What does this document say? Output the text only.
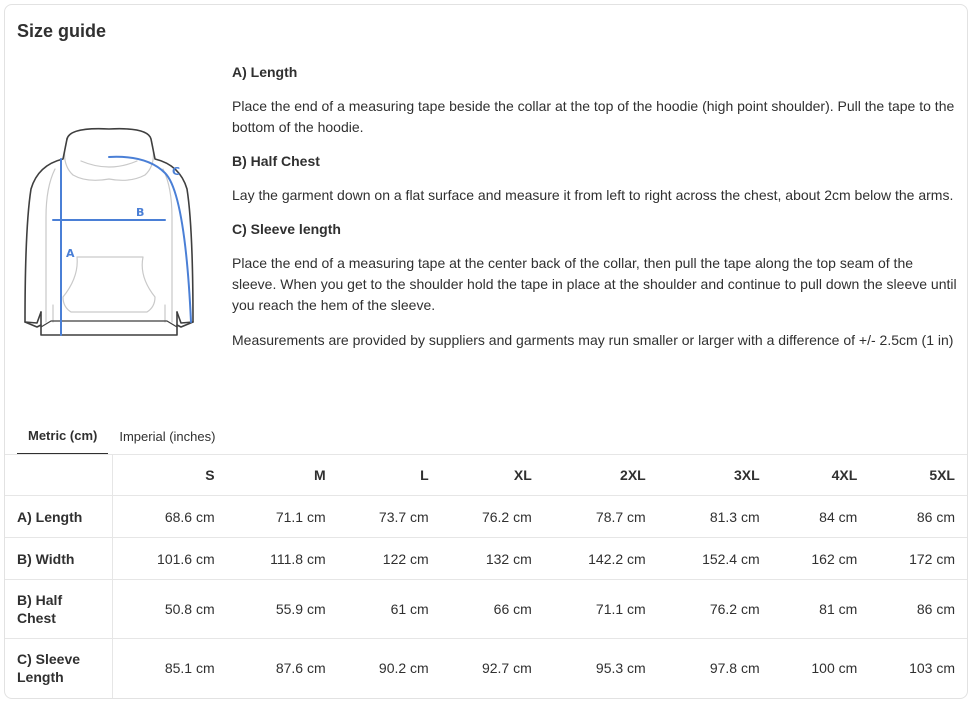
Size guide
A
B
C
A) Length

Place the end of a measuring tape beside the collar at the top of the hoodie (high point shoulder). Pull the tape to the bottom of the hoodie.

B) Half Chest

Lay the garment down on a flat surface and measure it from left to right across the chest, about 2cm below the arms.

C) Sleeve length

Place the end of a measuring tape at the center back of the collar, then pull the tape along the top seam of the sleeve. When you get to the shoulder hold the tape in place at the shoulder and continue to pull down the sleeve until you reach the hem of the sleeve.

Measurements are provided by suppliers and garments may run smaller or larger with a difference of +/- 2.5cm (1 in)

Metric (cm)	Imperial (inches)
	S	M	L	XL	2XL	3XL	4XL	5XL
A) Length	68.6 cm	71.1 cm	73.7 cm	76.2 cm	78.7 cm	81.3 cm	84 cm	86 cm
B) Width	101.6 cm	111.8 cm	122 cm	132 cm	142.2 cm	152.4 cm	162 cm	172 cm
B) Half Chest	50.8 cm	55.9 cm	61 cm	66 cm	71.1 cm	76.2 cm	81 cm	86 cm
C) Sleeve Length	85.1 cm	87.6 cm	90.2 cm	92.7 cm	95.3 cm	97.8 cm	100 cm	103 cm
